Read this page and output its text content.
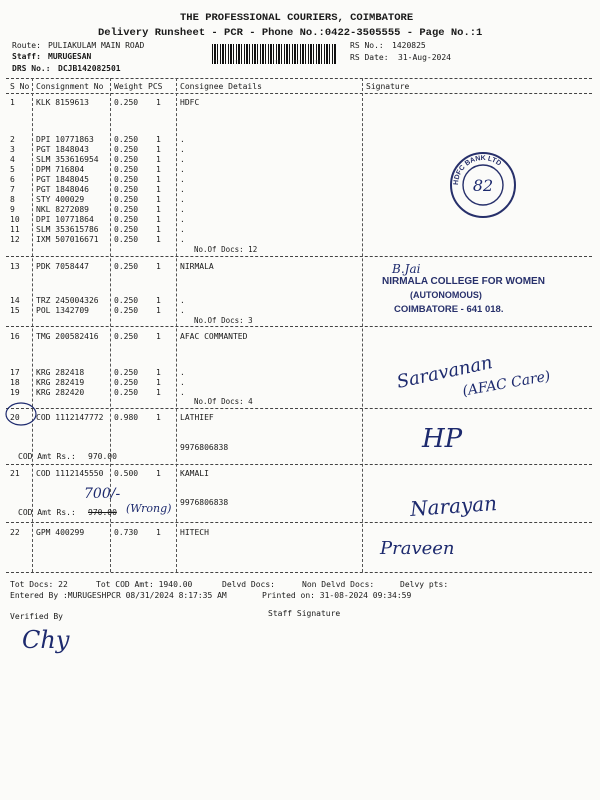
THE PROFESSIONAL COURIERS, COIMBATORE
Delivery Runsheet - PCR - Phone No.:0422-3505555 - Page No.:1
Route: PULIAKULAM MAIN ROAD
Staff: MURUGESAN
DRS No.: DCJB142082501
RS No.: 1420825
RS Date: 31-Aug-2024
S No Consignment No Weight PCS Consignee Details	Signature
1	KLK 8159613	0.250 1 HDFC
2	DPI 10771863	0.250 1 .
3	PGT 1848043	0.250 1 .
4	SLM 353616954 0.250 1 .
5	DPM 716804	0.250 1 .
6	PGT 1848045	0.250 1 .
7	PGT 1848046	0.250 1 .
8	STY 400029	0.250 1 .
9	NKL 8272089	0.250 1 .
10 DPI 10771864	0.250 1 .
11 SLM 353615786 0.250 1 .
12 IXM 507016671 0.250 1 .
No.Of Docs: 12
HDFC BANK LTD
82
13 PDK 7058447	0.250 1 NIRMALA
14 TRZ 245004326 0.250 1 .
15 POL 1342709	0.250 1 .
No.Of Docs: 3
B.Jai
NIRMALA COLLEGE FOR WOMEN
(AUTONOMOUS)
COIMBATORE - 641 018.
16 TMG 200582416 0.250 1 AFAC COMMANTED
17 KRG 282418	0.250 1 .
18 KRG 282419	0.250 1 .
19 KRG 282420	0.250 1 .
No.Of Docs: 4
Saravanan
(AFAC Care)
20 COD 1112147772 0.980 1 LATHIEF
9976806838
COD Amt Rs.: 970.00
HP
21 COD 1112145550 0.500 1 KAMALI
700/-
9976806838
COD Amt Rs.: 970.00 (Wrong)	Narayan
22 GPM 400299	0.730 1 HITECH
Praveen
Tot Docs: 22	Tot COD Amt: 1940.00	Delvd Docs:	Non Delvd Docs:	Delvy pts:
Entered By :MURUGESHPCR 08/31/2024 8:17:35 AM	Printed on: 31-08-2024 09:34:59
Verified By	Staff Signature
Chy
